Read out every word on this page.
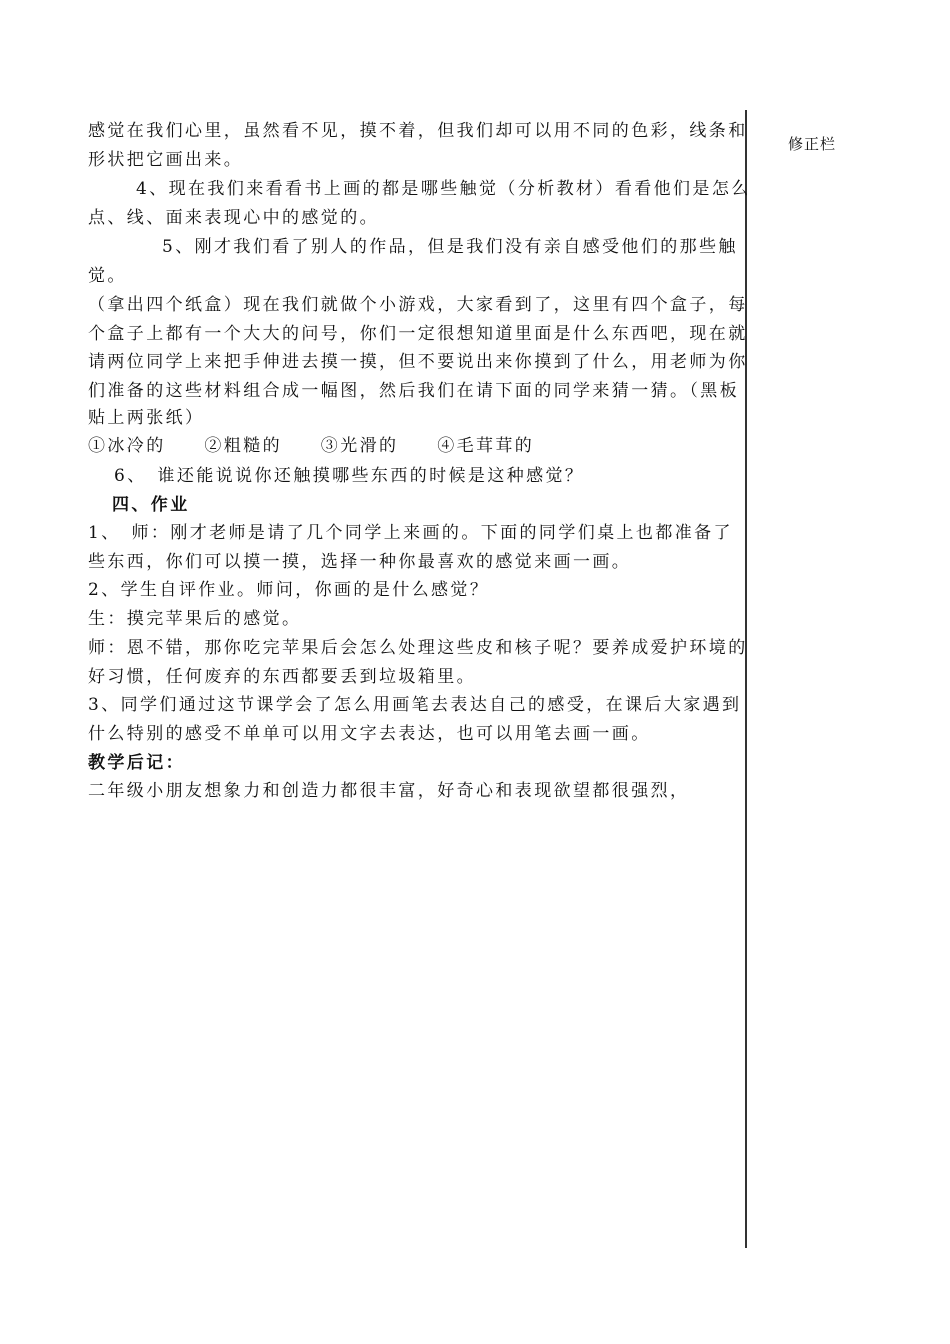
修正栏
感觉在我们心里，虽然看不见，摸不着，但我们却可以用不同的色彩，线条和
形状把它画出来。
4、现在我们来看看书上画的都是哪些触觉（分析教材）看看他们是怎么
点、线、面来表现心中的感觉的。
5、刚才我们看了别人的作品，但是我们没有亲自感受他们的那些触
觉。
（拿出四个纸盒）现在我们就做个小游戏，大家看到了，这里有四个盒子，每
个盒子上都有一个大大的问号，你们一定很想知道里面是什么东西吧，现在就
请两位同学上来把手伸进去摸一摸，但不要说出来你摸到了什么，用老师为你
们准备的这些材料组合成一幅图，然后我们在请下面的同学来猜一猜。（黑板
贴上两张纸）
①冰冷的　　②粗糙的　　③光滑的　　④毛茸茸的
6、　谁还能说说你还触摸哪些东西的时候是这种感觉？
四、作业
1、　师：刚才老师是请了几个同学上来画的。下面的同学们桌上也都准备了
些东西，你们可以摸一摸，选择一种你最喜欢的感觉来画一画。
2、学生自评作业。师问，你画的是什么感觉？
生：摸完苹果后的感觉。
师：恩不错，那你吃完苹果后会怎么处理这些皮和核子呢？要养成爱护环境的
好习惯，任何废弃的东西都要丢到垃圾箱里。
3、同学们通过这节课学会了怎么用画笔去表达自己的感受，在课后大家遇到
什么特别的感受不单单可以用文字去表达，也可以用笔去画一画。
教学后记：
二年级小朋友想象力和创造力都很丰富，好奇心和表现欲望都很强烈，
